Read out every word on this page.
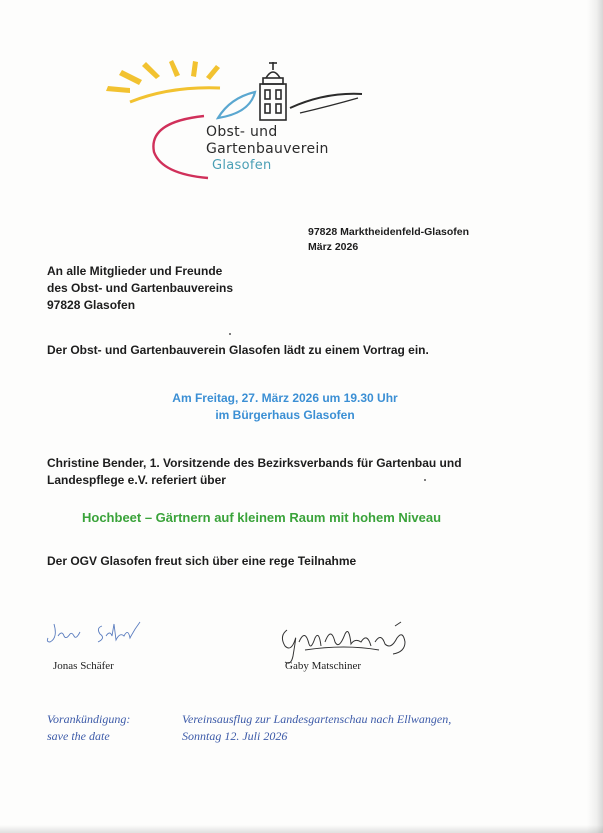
Obst- und
Gartenbauverein
Glasofen
97828 Marktheidenfeld-Glasofen
März 2026
An alle Mitglieder und Freunde
des Obst- und Gartenbauvereins
97828 Glasofen
Der Obst- und Gartenbauverein Glasofen lädt zu einem Vortrag ein.
Am Freitag, 27. März 2026 um 19.30 Uhr
im Bürgerhaus Glasofen
Christine Bender, 1. Vorsitzende des Bezirksverbands für Gartenbau und
Landespflege e.V. referiert über
Hochbeet – Gärtnern auf kleinem Raum mit hohem Niveau
Der OGV Glasofen freut sich über eine rege Teilnahme
Jonas Schäfer	Gaby Matschiner
Vorankündigung:
save the date
Vereinsausflug zur Landesgartenschau nach Ellwangen,
Sonntag 12. Juli 2026
